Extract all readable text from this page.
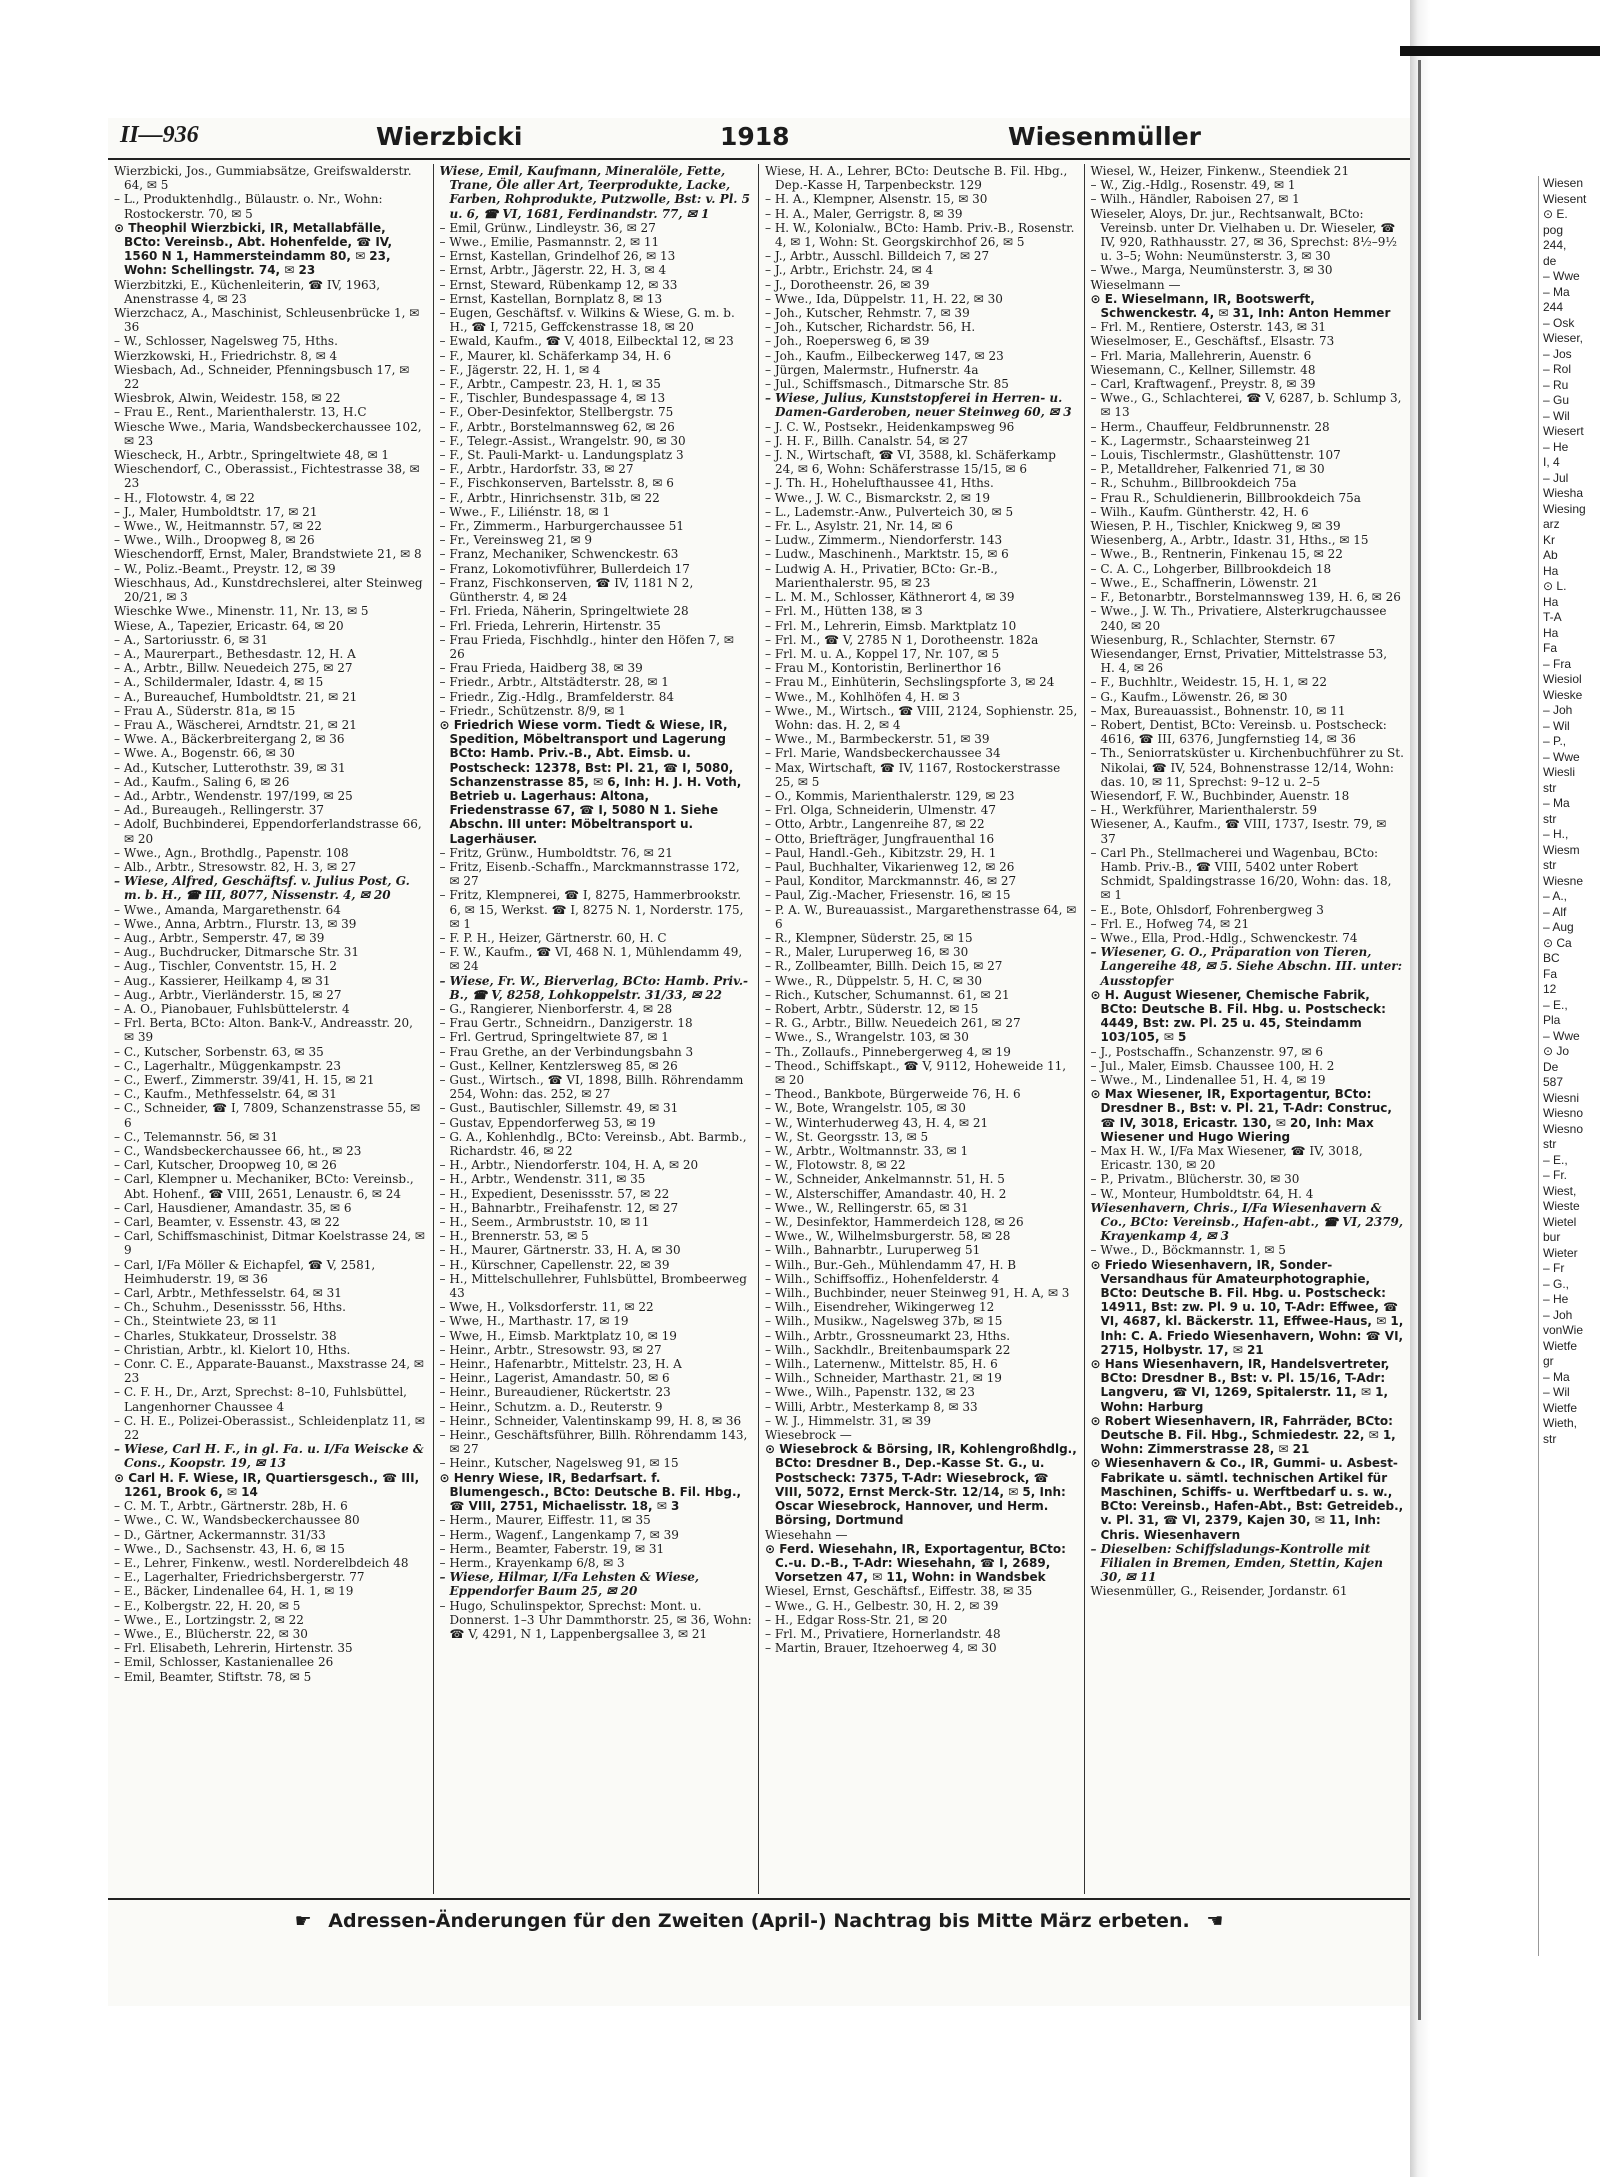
Wiesen
Wiesent
⊙ E.
pog
244,
de
– Wwe
– Ma
244
– Osk
Wieser,
– Jos
– Rol
– Ru
– Gu
– Wil
Wiesert
– He
I, 4
– Jul
Wiesha
Wiesing
arz
Kr
Ab
Ha
⊙ L.
Ha
T-A
Ha
Fa
– Fra
Wiesiol
Wieske
– Joh
– Wil
– P.,
– Wwe
Wiesli
str
– Ma
str
– H.,
Wiesm
str
Wiesne
– A.,
– Alf
– Aug
⊙ Ca
BC
Fa
12
– E.,
Pla
– Wwe
⊙ Jo
De
587
Wiesni
Wiesno
Wiesno
str
– E.,
– Fr.
Wiest,
Wieste
Wietel
bur
Wieter
– Fr
– G.,
– He
– Joh
vonWie
Wietfe
gr
– Ma
– Wil
Wietfe
Wieth,
str
II—936	Wierzbicki	1918	Wiesenmüller

Wierzbicki, Jos., Gummiabsätze, Greifswalderstr. 64, ✉ 5

– L., Produktenhdlg., Bülaustr. o. Nr., Wohn: Rostockerstr. 70, ✉ 5

⊙ Theophil Wierzbicki, IR, Metallabfälle, BCto: Vereinsb., Abt. Hohenfelde, ☎ IV, 1560 N 1, Hammersteindamm 80, ✉ 23, Wohn: Schellingstr. 74, ✉ 23

Wierzbitzki, E., Küchenleiterin, ☎ IV, 1963, Anenstrasse 4, ✉ 23

Wierzchacz, A., Maschinist, Schleusenbrücke 1, ✉ 36

– W., Schlosser, Nagelsweg 75, Hths.

Wierzkowski, H., Friedrichstr. 8, ✉ 4

Wiesbach, Ad., Schneider, Pfenningsbusch 17, ✉ 22

Wiesbrok, Alwin, Weidestr. 158, ✉ 22

– Frau E., Rent., Marienthalerstr. 13, H.C

Wiesche Wwe., Maria, Wandsbeckerchaussee 102, ✉ 23

Wiescheck, H., Arbtr., Springeltwiete 48, ✉ 1

Wieschendorf, C., Oberassist., Fichtestrasse 38, ✉ 23

– H., Flotowstr. 4, ✉ 22

– J., Maler, Humboldtstr. 17, ✉ 21

– Wwe., W., Heitmannstr. 57, ✉ 22

– Wwe., Wilh., Droopweg 8, ✉ 26

Wieschendorff, Ernst, Maler, Brandstwiete 21, ✉ 8

– W., Poliz.-Beamt., Preystr. 12, ✉ 39

Wieschhaus, Ad., Kunstdrechslerei, alter Steinweg 20/21, ✉ 3

Wieschke Wwe., Minenstr. 11, Nr. 13, ✉ 5

Wiese, A., Tapezier, Ericastr. 64, ✉ 20

– A., Sartoriusstr. 6, ✉ 31

– A., Maurerpart., Bethesdastr. 12, H. A

– A., Arbtr., Billw. Neuedeich 275, ✉ 27

– A., Schildermaler, Idastr. 4, ✉ 15

– A., Bureauchef, Humboldtstr. 21, ✉ 21

– Frau A., Süderstr. 81a, ✉ 15

– Frau A., Wäscherei, Arndtstr. 21, ✉ 21

– Wwe. A., Bäckerbreitergang 2, ✉ 36

– Wwe. A., Bogenstr. 66, ✉ 30

– Ad., Kutscher, Lutterothstr. 39, ✉ 31

– Ad., Kaufm., Saling 6, ✉ 26

– Ad., Arbtr., Wendenstr. 197/199, ✉ 25

– Ad., Bureaugeh., Rellingerstr. 37

– Adolf, Buchbinderei, Eppendorferlandstrasse 66, ✉ 20

– Wwe., Agn., Brothdlg., Papenstr. 108

– Alb., Arbtr., Stresowstr. 82, H. 3, ✉ 27

– Wiese, Alfred, Geschäftsf. v. Julius Post, G. m. b. H., ☎ III, 8077, Nissenstr. 4, ✉ 20

– Wwe., Amanda, Margarethenstr. 64

– Wwe., Anna, Arbtrn., Flurstr. 13, ✉ 39

– Aug., Arbtr., Semperstr. 47, ✉ 39

– Aug., Buchdrucker, Ditmarsche Str. 31

– Aug., Tischler, Conventstr. 15, H. 2

– Aug., Kassierer, Heilkamp 4, ✉ 31

– Aug., Arbtr., Vierländerstr. 15, ✉ 27

– A. O., Pianobauer, Fuhlsbüttelerstr. 4

– Frl. Berta, BCto: Alton. Bank-V., Andreasstr. 20, ✉ 39

– C., Kutscher, Sorbenstr. 63, ✉ 35

– C., Lagerhaltr., Müggenkampstr. 23

– C., Ewerf., Zimmerstr. 39/41, H. 15, ✉ 21

– C., Kaufm., Methfesselstr. 64, ✉ 31

– C., Schneider, ☎ I, 7809, Schanzenstrasse 55, ✉ 6

– C., Telemannstr. 56, ✉ 31

– C., Wandsbeckerchaussee 66, ht., ✉ 23

– Carl, Kutscher, Droopweg 10, ✉ 26

– Carl, Klempner u. Mechaniker, BCto: Vereinsb., Abt. Hohenf., ☎ VIII, 2651, Lenaustr. 6, ✉ 24

– Carl, Hausdiener, Amandastr. 35, ✉ 6

– Carl, Beamter, v. Essenstr. 43, ✉ 22

– Carl, Schiffsmaschinist, Ditmar Koelstrasse 24, ✉ 9

– Carl, I/Fa Möller & Eichapfel, ☎ V, 2581, Heimhuderstr. 19, ✉ 36

– Carl, Arbtr., Methfesselstr. 64, ✉ 31

– Ch., Schuhm., Desenissstr. 56, Hths.

– Ch., Steintwiete 23, ✉ 11

– Charles, Stukkateur, Drosselstr. 38

– Christian, Arbtr., kl. Kielort 10, Hths.

– Conr. C. E., Apparate-Bauanst., Maxstrasse 24, ✉ 23

– C. F. H., Dr., Arzt, Sprechst: 8–10, Fuhlsbüttel, Langenhorner Chaussee 4

– C. H. E., Polizei-Oberassist., Schleidenplatz 11, ✉ 22

– Wiese, Carl H. F., in gl. Fa. u. I/Fa Weiscke & Cons., Koopstr. 19, ✉ 13

⊙ Carl H. F. Wiese, IR, Quartiersgesch., ☎ III, 1261, Brook 6, ✉ 14

– C. M. T., Arbtr., Gärtnerstr. 28b, H. 6

– Wwe., C. W., Wandsbeckerchaussee 80

– D., Gärtner, Ackermannstr. 31/33

– Wwe., D., Sachsenstr. 43, H. 6, ✉ 15

– E., Lehrer, Finkenw., westl. Norderelbdeich 48

– E., Lagerhalter, Friedrichsbergerstr. 77

– E., Bäcker, Lindenallee 64, H. 1, ✉ 19

– E., Kolbergstr. 22, H. 20, ✉ 5

– Wwe., E., Lortzingstr. 2, ✉ 22

– Wwe., E., Blücherstr. 22, ✉ 30

– Frl. Elisabeth, Lehrerin, Hirtenstr. 35

– Emil, Schlosser, Kastanienallee 26

– Emil, Beamter, Stiftstr. 78, ✉ 5

Wiese, Emil, Kaufmann, Mineralöle, Fette, Trane, Öle aller Art, Teerprodukte, Lacke, Farben, Rohprodukte, Putzwolle, Bst: v. Pl. 5 u. 6, ☎ VI, 1681, Ferdinandstr. 77, ✉ 1

– Emil, Grünw., Lindleystr. 36, ✉ 27

– Wwe., Emilie, Pasmannstr. 2, ✉ 11

– Ernst, Kastellan, Grindelhof 26, ✉ 13

– Ernst, Arbtr., Jägerstr. 22, H. 3, ✉ 4

– Ernst, Steward, Rübenkamp 12, ✉ 33

– Ernst, Kastellan, Bornplatz 8, ✉ 13

– Eugen, Geschäftsf. v. Wilkins & Wiese, G. m. b. H., ☎ I, 7215, Geffckenstrasse 18, ✉ 20

– Ewald, Kaufm., ☎ V, 4018, Eilbecktal 12, ✉ 23

– F., Maurer, kl. Schäferkamp 34, H. 6

– F., Jägerstr. 22, H. 1, ✉ 4

– F., Arbtr., Campestr. 23, H. 1, ✉ 35

– F., Tischler, Bundespassage 4, ✉ 13

– F., Ober-Desinfektor, Stellbergstr. 75

– F., Arbtr., Borstelmannsweg 62, ✉ 26

– F., Telegr.-Assist., Wrangelstr. 90, ✉ 30

– F., St. Pauli-Markt- u. Landungsplatz 3

– F., Arbtr., Hardorfstr. 33, ✉ 27

– F., Fischkonserven, Bartelsstr. 8, ✉ 6

– F., Arbtr., Hinrichsenstr. 31b, ✉ 22

– Wwe., F., Liliénstr. 18, ✉ 1

– Fr., Zimmerm., Harburgerchaussee 51

– Fr., Vereinsweg 21, ✉ 9

– Franz, Mechaniker, Schwenckestr. 63

– Franz, Lokomotivführer, Bullerdeich 17

– Franz, Fischkonserven, ☎ IV, 1181 N 2, Güntherstr. 4, ✉ 24

– Frl. Frieda, Näherin, Springeltwiete 28

– Frl. Frieda, Lehrerin, Hirtenstr. 35

– Frau Frieda, Fischhdlg., hinter den Höfen 7, ✉ 26

– Frau Frieda, Haidberg 38, ✉ 39

– Friedr., Arbtr., Altstädterstr. 28, ✉ 1

– Friedr., Zig.-Hdlg., Bramfelderstr. 84

– Friedr., Schützenstr. 8/9, ✉ 1

⊙ Friedrich Wiese vorm. Tiedt & Wiese, IR, Spedition, Möbeltransport und Lagerung BCto: Hamb. Priv.-B., Abt. Eimsb. u. Postscheck: 12378, Bst: Pl. 21, ☎ I, 5080, Schanzenstrasse 85, ✉ 6, Inh: H. J. H. Voth, Betrieb u. Lagerhaus: Altona, Friedenstrasse 67, ☎ I, 5080 N 1. Siehe Abschn. III unter: Möbeltransport u. Lagerhäuser.

– Fritz, Grünw., Humboldtstr. 76, ✉ 21

– Fritz, Eisenb.-Schaffn., Marckmannstrasse 172, ✉ 27

– Fritz, Klempnerei, ☎ I, 8275, Hammerbrookstr. 6, ✉ 15, Werkst. ☎ I, 8275 N. 1, Norderstr. 175, ✉ 1

– F. P. H., Heizer, Gärtnerstr. 60, H. C

– F. W., Kaufm., ☎ VI, 468 N. 1, Mühlendamm 49, ✉ 24

– Wiese, Fr. W., Bierverlag, BCto: Hamb. Priv.-B., ☎ V, 8258, Lohkoppelstr. 31/33, ✉ 22

– G., Rangierer, Nienborferstr. 4, ✉ 28

– Frau Gertr., Schneidrn., Danzigerstr. 18

– Frl. Gertrud, Springeltwiete 87, ✉ 1

– Frau Grethe, an der Verbindungsbahn 3

– Gust., Kellner, Kentzlersweg 85, ✉ 26

– Gust., Wirtsch., ☎ VI, 1898, Billh. Röhrendamm 254, Wohn: das. 252, ✉ 27

– Gust., Bautischler, Sillemstr. 49, ✉ 31

– Gustav, Eppendorferweg 53, ✉ 19

– G. A., Kohlenhdlg., BCto: Vereinsb., Abt. Barmb., Richardstr. 46, ✉ 22

– H., Arbtr., Niendorferstr. 104, H. A, ✉ 20

– H., Arbtr., Wendenstr. 311, ✉ 35

– H., Expedient, Desenissstr. 57, ✉ 22

– H., Bahnarbtr., Freihafenstr. 12, ✉ 27

– H., Seem., Armbruststr. 10, ✉ 11

– H., Brennerstr. 53, ✉ 5

– H., Maurer, Gärtnerstr. 33, H. A, ✉ 30

– H., Kürschner, Capellenstr. 22, ✉ 39

– H., Mittelschullehrer, Fuhlsbüttel, Brombeerweg 43

– Wwe, H., Volksdorferstr. 11, ✉ 22

– Wwe, H., Marthastr. 17, ✉ 19

– Wwe, H., Eimsb. Marktplatz 10, ✉ 19

– Heinr., Arbtr., Stresowstr. 93, ✉ 27

– Heinr., Hafenarbtr., Mittelstr. 23, H. A

– Heinr., Lagerist, Amandastr. 50, ✉ 6

– Heinr., Bureaudiener, Rückertstr. 23

– Heinr., Schutzm. a. D., Reuterstr. 9

– Heinr., Schneider, Valentinskamp 99, H. 8, ✉ 36

– Heinr., Geschäftsführer, Billh. Röhrendamm 143, ✉ 27

– Heinr., Kutscher, Nagelsweg 91, ✉ 15

⊙ Henry Wiese, IR, Bedarfsart. f. Blumengesch., BCto: Deutsche B. Fil. Hbg., ☎ VIII, 2751, Michaelisstr. 18, ✉ 3

– Herm., Maurer, Eiffestr. 11, ✉ 35

– Herm., Wagenf., Langenkamp 7, ✉ 39

– Herm., Beamter, Faberstr. 19, ✉ 31

– Herm., Krayenkamp 6/8, ✉ 3

– Wiese, Hilmar, I/Fa Lehsten & Wiese, Eppendorfer Baum 25, ✉ 20

– Hugo, Schulinspektor, Sprechst: Mont. u. Donnerst. 1–3 Uhr Dammthorstr. 25, ✉ 36, Wohn: ☎ V, 4291, N 1, Lappenbergsallee 3, ✉ 21

Wiese, H. A., Lehrer, BCto: Deutsche B. Fil. Hbg., Dep.-Kasse H, Tarpenbeckstr. 129

– H. A., Klempner, Alsenstr. 15, ✉ 30

– H. A., Maler, Gerrigstr. 8, ✉ 39

– H. W., Kolonialw., BCto: Hamb. Priv.-B., Rosenstr. 4, ✉ 1, Wohn: St. Georgskirchhof 26, ✉ 5

– J., Arbtr., Ausschl. Billdeich 7, ✉ 27

– J., Arbtr., Erichstr. 24, ✉ 4

– J., Dorotheenstr. 26, ✉ 39

– Wwe., Ida, Düppelstr. 11, H. 22, ✉ 30

– Joh., Kutscher, Rehmstr. 7, ✉ 39

– Joh., Kutscher, Richardstr. 56, H.

– Joh., Roepersweg 6, ✉ 39

– Joh., Kaufm., Eilbeckerweg 147, ✉ 23

– Jürgen, Malermstr., Hufnerstr. 4a

– Jul., Schiffsmasch., Ditmarsche Str. 85

– Wiese, Julius, Kunststopferei in Herren- u. Damen-Garderoben, neuer Steinweg 60, ✉ 3

– J. C. W., Postsekr., Heidenkampsweg 96

– J. H. F., Billh. Canalstr. 54, ✉ 27

– J. N., Wirtschaft, ☎ VI, 3588, kl. Schäferkamp 24, ✉ 6, Wohn: Schäferstrasse 15/15, ✉ 6

– J. Th. H., Hohelufthaussee 41, Hths.

– Wwe., J. W. C., Bismarckstr. 2, ✉ 19

– L., Lademstr.-Anw., Pulverteich 30, ✉ 5

– Fr. L., Asylstr. 21, Nr. 14, ✉ 6

– Ludw., Zimmerm., Niendorferstr. 143

– Ludw., Maschinenh., Marktstr. 15, ✉ 6

– Ludwig A. H., Privatier, BCto: Gr.-B., Marienthalerstr. 95, ✉ 23

– L. M. M., Schlosser, Käthnerort 4, ✉ 39

– Frl. M., Hütten 138, ✉ 3

– Frl. M., Lehrerin, Eimsb. Marktplatz 10

– Frl. M., ☎ V, 2785 N 1, Dorotheenstr. 182a

– Frl. M. u. A., Koppel 17, Nr. 107, ✉ 5

– Frau M., Kontoristin, Berlinerthor 16

– Frau M., Einhüterin, Sechslingspforte 3, ✉ 24

– Wwe., M., Kohlhöfen 4, H. ✉ 3

– Wwe., M., Wirtsch., ☎ VIII, 2124, Sophienstr. 25, Wohn: das. H. 2, ✉ 4

– Wwe., M., Barmbeckerstr. 51, ✉ 39

– Frl. Marie, Wandsbeckerchaussee 34

– Max, Wirtschaft, ☎ IV, 1167, Rostockerstrasse 25, ✉ 5

– O., Kommis, Marienthalerstr. 129, ✉ 23

– Frl. Olga, Schneiderin, Ulmenstr. 47

– Otto, Arbtr., Langenreihe 87, ✉ 22

– Otto, Briefträger, Jungfrauenthal 16

– Paul, Handl.-Geh., Kibitzstr. 29, H. 1

– Paul, Buchhalter, Vikarienweg 12, ✉ 26

– Paul, Konditor, Marckmannstr. 46, ✉ 27

– Paul, Zig.-Macher, Friesenstr. 16, ✉ 15

– P. A. W., Bureauassist., Margarethenstrasse 64, ✉ 6

– R., Klempner, Süderstr. 25, ✉ 15

– R., Maler, Luruperweg 16, ✉ 30

– R., Zollbeamter, Billh. Deich 15, ✉ 27

– Wwe., R., Düppelstr. 5, H. C, ✉ 30

– Rich., Kutscher, Schumannst. 61, ✉ 21

– Robert, Arbtr., Süderstr. 12, ✉ 15

– R. G., Arbtr., Billw. Neuedeich 261, ✉ 27

– Wwe., S., Wrangelstr. 103, ✉ 30

– Th., Zollaufs., Pinnebergerweg 4, ✉ 19

– Theod., Schiffskapt., ☎ V, 9112, Hoheweide 11, ✉ 20

– Theod., Bankbote, Bürgerweide 76, H. 6

– W., Bote, Wrangelstr. 105, ✉ 30

– W., Winterhuderweg 43, H. 4, ✉ 21

– W., St. Georgsstr. 13, ✉ 5

– W., Arbtr., Woltmannstr. 33, ✉ 1

– W., Flotowstr. 8, ✉ 22

– W., Schneider, Ankelmannstr. 51, H. 5

– W., Alsterschiffer, Amandastr. 40, H. 2

– Wwe., W., Rellingerstr. 65, ✉ 31

– W., Desinfektor, Hammerdeich 128, ✉ 26

– Wwe., W., Wilhelmsburgerstr. 58, ✉ 28

– Wilh., Bahnarbtr., Luruperweg 51

– Wilh., Bur.-Geh., Mühlendamm 47, H. B

– Wilh., Schiffsoffiz., Hohenfelderstr. 4

– Wilh., Buchbinder, neuer Steinweg 91, H. A, ✉ 3

– Wilh., Eisendreher, Wikingerweg 12

– Wilh., Musikw., Nagelsweg 37b, ✉ 15

– Wilh., Arbtr., Grossneumarkt 23, Hths.

– Wilh., Sackhdlr., Breitenbaumspark 22

– Wilh., Laternenw., Mittelstr. 85, H. 6

– Wilh., Schneider, Marthastr. 21, ✉ 19

– Wwe., Wilh., Papenstr. 132, ✉ 23

– Willi, Arbtr., Mesterkamp 8, ✉ 33

– W. J., Himmelstr. 31, ✉ 39

Wiesebrock —

⊙ Wiesebrock & Börsing, IR, Kohlengroßhdlg., BCto: Dresdner B., Dep.-Kasse St. G., u. Postscheck: 7375, T-Adr: Wiesebrock, ☎ VIII, 5072, Ernst Merck-Str. 12/14, ✉ 5, Inh: Oscar Wiesebrock, Hannover, und Herm. Börsing, Dortmund

Wiesehahn —

⊙ Ferd. Wiesehahn, IR, Exportagentur, BCto: C.-u. D.-B., T-Adr: Wiesehahn, ☎ I, 2689, Vorsetzen 47, ✉ 11, Wohn: in Wandsbek

Wiesel, Ernst, Geschäftsf., Eiffestr. 38, ✉ 35

– Wwe., G. H., Gelbestr. 30, H. 2, ✉ 39

– H., Edgar Ross-Str. 21, ✉ 20

– Frl. M., Privatiere, Hornerlandstr. 48

– Martin, Brauer, Itzehoerweg 4, ✉ 30

Wiesel, W., Heizer, Finkenw., Steendiek 21

– W., Zig.-Hdlg., Rosenstr. 49, ✉ 1

– Wilh., Händler, Raboisen 27, ✉ 1

Wieseler, Aloys, Dr. jur., Rechtsanwalt, BCto: Vereinsb. unter Dr. Vielhaben u. Dr. Wieseler, ☎ IV, 920, Rathhausstr. 27, ✉ 36, Sprechst: 8½–9½ u. 3–5; Wohn: Neumünsterstr. 3, ✉ 30

– Wwe., Marga, Neumünsterstr. 3, ✉ 30

Wieselmann —

⊙ E. Wieselmann, IR, Bootswerft, Schwenckestr. 4, ✉ 31, Inh: Anton Hemmer

– Frl. M., Rentiere, Osterstr. 143, ✉ 31

Wieselmoser, E., Geschäftsf., Elsastr. 73

– Frl. Maria, Mallehrerin, Auenstr. 6

Wiesemann, C., Kellner, Sillemstr. 48

– Carl, Kraftwagenf., Preystr. 8, ✉ 39

– Wwe., G., Schlachterei, ☎ V, 6287, b. Schlump 3, ✉ 13

– Herm., Chauffeur, Feldbrunnenstr. 28

– K., Lagermstr., Schaarsteinweg 21

– Louis, Tischlermstr., Glashüttenstr. 107

– P., Metalldreher, Falkenried 71, ✉ 30

– R., Schuhm., Billbrookdeich 75a

– Frau R., Schuldienerin, Billbrookdeich 75a

– Wilh., Kaufm. Güntherstr. 42, H. 6

Wiesen, P. H., Tischler, Knickweg 9, ✉ 39

Wiesenberg, A., Arbtr., Idastr. 31, Hths., ✉ 15

– Wwe., B., Rentnerin, Finkenau 15, ✉ 22

– C. A. C., Lohgerber, Billbrookdeich 18

– Wwe., E., Schaffnerin, Löwenstr. 21

– F., Betonarbtr., Borstelmannsweg 139, H. 6, ✉ 26

– Wwe., J. W. Th., Privatiere, Alsterkrugchaussee 240, ✉ 20

Wiesenburg, R., Schlachter, Sternstr. 67

Wiesendanger, Ernst, Privatier, Mittelstrasse 53, H. 4, ✉ 26

– F., Buchhltr., Weidestr. 15, H. 1, ✉ 22

– G., Kaufm., Löwenstr. 26, ✉ 30

– Max, Bureauassist., Bohnenstr. 10, ✉ 11

– Robert, Dentist, BCto: Vereinsb. u. Postscheck: 4616, ☎ III, 6376, Jungfernstieg 14, ✉ 36

– Th., Seniorratsküster u. Kirchenbuchführer zu St. Nikolai, ☎ IV, 524, Bohnenstrasse 12/14, Wohn: das. 10, ✉ 11, Sprechst: 9–12 u. 2–5

Wiesendorf, F. W., Buchbinder, Auenstr. 18

– H., Werkführer, Marienthalerstr. 59

Wiesener, A., Kaufm., ☎ VIII, 1737, Isestr. 79, ✉ 37

– Carl Ph., Stellmacherei und Wagenbau, BCto: Hamb. Priv.-B., ☎ VIII, 5402 unter Robert Schmidt, Spaldingstrasse 16/20, Wohn: das. 18, ✉ 1

– E., Bote, Ohlsdorf, Fohrenbergweg 3

– Frl. E., Hofweg 74, ✉ 21

– Wwe., Ella, Prod.-Hdlg., Schwenckestr. 74

– Wiesener, G. O., Präparation von Tieren, Langereihe 48, ✉ 5. Siehe Abschn. III. unter: Ausstopfer

⊙ H. August Wiesener, Chemische Fabrik, BCto: Deutsche B. Fil. Hbg. u. Postscheck: 4449, Bst: zw. Pl. 25 u. 45, Steindamm 103/105, ✉ 5

– J., Postschaffn., Schanzenstr. 97, ✉ 6

– Jul., Maler, Eimsb. Chaussee 100, H. 2

– Wwe., M., Lindenallee 51, H. 4, ✉ 19

⊙ Max Wiesener, IR, Exportagentur, BCto: Dresdner B., Bst: v. Pl. 21, T-Adr: Construc, ☎ IV, 3018, Ericastr. 130, ✉ 20, Inh: Max Wiesener und Hugo Wiering

– Max H. W., I/Fa Max Wiesener, ☎ IV, 3018, Ericastr. 130, ✉ 20

– P., Privatm., Blücherstr. 30, ✉ 30

– W., Monteur, Humboldtstr. 64, H. 4

Wiesenhavern, Chris., I/Fa Wiesenhavern & Co., BCto: Vereinsb., Hafen-abt., ☎ VI, 2379, Krayenkamp 4, ✉ 3

– Wwe., D., Böckmannstr. 1, ✉ 5

⊙ Friedo Wiesenhavern, IR, Sonder-Versandhaus für Amateurphotographie, BCto: Deutsche B. Fil. Hbg. u. Postscheck: 14911, Bst: zw. Pl. 9 u. 10, T-Adr: Effwee, ☎ VI, 4687, kl. Bäckerstr. 11, Effwee-Haus, ✉ 1, Inh: C. A. Friedo Wiesenhavern, Wohn: ☎ VI, 2715, Holbystr. 17, ✉ 21

⊙ Hans Wiesenhavern, IR, Handelsvertreter, BCto: Dresdner B., Bst: v. Pl. 15/16, T-Adr: Langveru, ☎ VI, 1269, Spitalerstr. 11, ✉ 1, Wohn: Harburg

⊙ Robert Wiesenhavern, IR, Fahrräder, BCto: Deutsche B. Fil. Hbg., Schmiedestr. 22, ✉ 1, Wohn: Zimmerstrasse 28, ✉ 21

⊙ Wiesenhavern & Co., IR, Gummi- u. Asbest-Fabrikate u. sämtl. technischen Artikel für Maschinen, Schiffs- u. Werftbedarf u. s. w., BCto: Vereinsb., Hafen-Abt., Bst: Getreideb., v. Pl. 31, ☎ VI, 2379, Kajen 30, ✉ 11, Inh: Chris. Wiesenhavern

– Dieselben: Schiffsladungs-Kontrolle mit Filialen in Bremen, Emden, Stettin, Kajen 30, ✉ 11

Wiesenmüller, G., Reisender, Jordanstr. 61

☛ Adressen-Änderungen für den Zweiten (April-) Nachtrag bis Mitte März erbeten. ☚
